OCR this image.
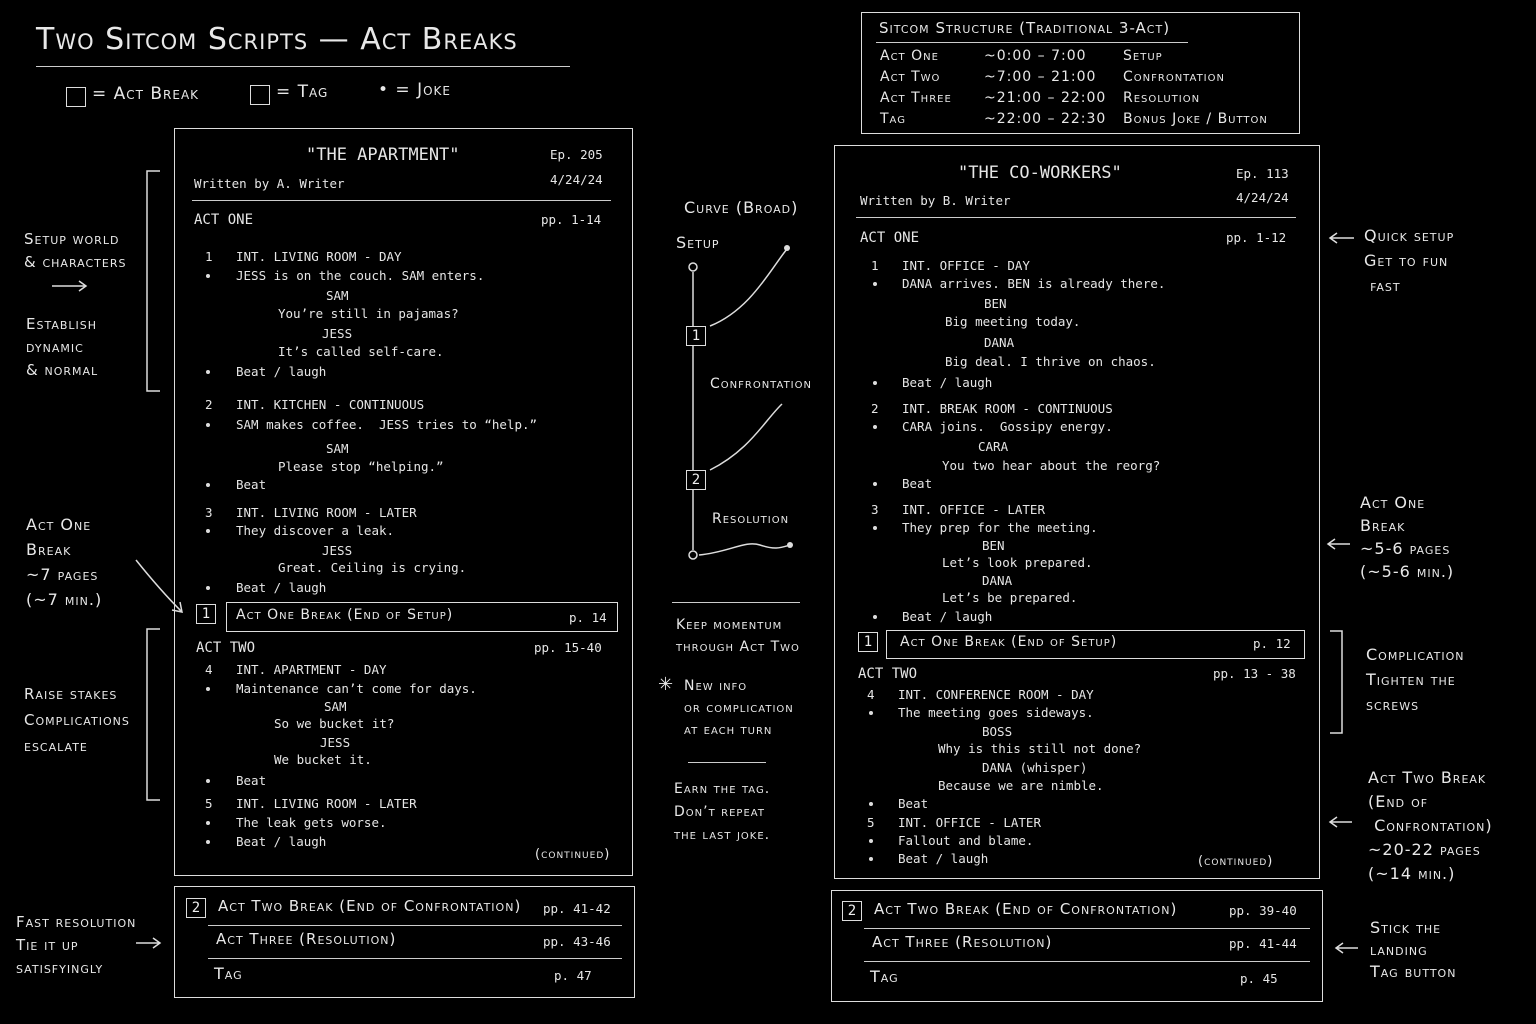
Two Sitcom Scripts — Act Breaks
= Act Break	= Tag	• = Joke
Sitcom Structure (Traditional 3-Act)
Act One	~0:00 – 7:00	Setup
Act Two	~7:00 – 21:00 Confrontation
Act Three ~21:00 – 22:00 Resolution
Tag	~22:00 – 22:30 Bonus Joke / Button
"THE APARTMENT"	Ep. 205
Written by A. Writer	4/24/24
ACT ONE	pp. 1-14
1 INT. LIVING ROOM - DAY
JESS is on the couch. SAM enters.
SAM
You’re still in pajamas?
JESS
It’s called self-care.
Beat / laugh
2 INT. KITCHEN - CONTINUOUS
SAM makes coffee.  JESS tries to “help.”
SAM
Please stop “helping.”
Beat
3 INT. LIVING ROOM - LATER
They discover a leak.
JESS
Great. Ceiling is crying.
Beat / laugh
1	Act One Break (End of Setup)	p. 14
ACT TWO	pp. 15-40
4 INT. APARTMENT - DAY
Maintenance can’t come for days.
SAM
So we bucket it?
JESS
We bucket it.
Beat
5 INT. LIVING ROOM - LATER
The leak gets worse.
Beat / laugh
(continued)
2	Act Two Break (End of Confrontation) pp. 41-42
Act Three (Resolution)	pp. 43-46
Tag	p. 47
"THE CO-WORKERS"	Ep. 113
Written by B. Writer	4/24/24
ACT ONE	pp. 1-12
1 INT. OFFICE - DAY
DANA arrives. BEN is already there.
BEN
Big meeting today.
DANA
Big deal. I thrive on chaos.
Beat / laugh
2 INT. BREAK ROOM - CONTINUOUS
CARA joins.  Gossipy energy.
CARA
You two hear about the reorg?
Beat
3 INT. OFFICE - LATER
They prep for the meeting.
BEN
Let’s look prepared.
DANA
Let’s be prepared.
Beat / laugh
1	Act One Break (End of Setup)	p. 12
ACT TWO	pp. 13 - 38
4 INT. CONFERENCE ROOM - DAY
The meeting goes sideways.
BOSS
Why is this still not done?
DANA (whisper)
Because we are nimble.
Beat
5 INT. OFFICE - LATER
Fallout and blame.
Beat / laugh	(continued)
2	Act Two Break (End of Confrontation)	pp. 39-40
Act Three (Resolution)	pp. 41-44
Tag	p. 45
Setup world
& characters
Establish
dynamic
& normal
Act One
Break
~7 pages
(~7 min.)
Raise stakes
Complications
escalate
Fast resolution
Tie it up
satisfyingly
Quick setup
Get to fun
fast
Act One
Break
~5-6 pages
(~5-6 min.)
Complication
Tighten the
screws
Act Two Break
(End of
Confrontation)
~20-22 pages
(~14 min.)
Stick the
landing
Tag button
Curve (Broad)
Setup
Confrontation
Resolution
1
2
Keep momentum
through Act Two
✳ New info
or complication
at each turn
Earn the tag.
Don’t repeat
the last joke.
